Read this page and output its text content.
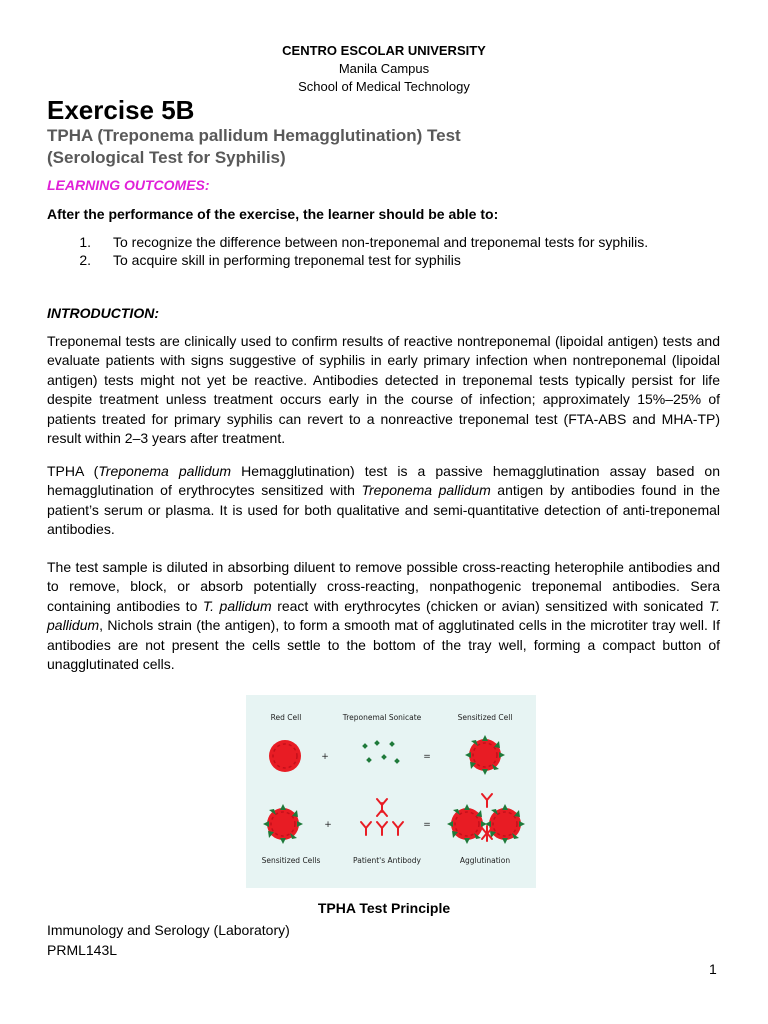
CENTRO ESCOLAR UNIVERSITY
Manila Campus
School of Medical Technology
Exercise 5B
TPHA (Treponema pallidum Hemagglutination) Test
(Serological Test for Syphilis)
LEARNING OUTCOMES:
After the performance of the exercise, the learner should be able to:
1. To recognize the difference between non-treponemal and treponemal tests for syphilis.
2. To acquire skill in performing treponemal test for syphilis
INTRODUCTION:

Treponemal tests are clinically used to confirm results of reactive nontreponemal (lipoidal antigen) tests and evaluate patients with signs suggestive of syphilis in early primary infection when nontreponemal (lipoidal antigen) tests might not yet be reactive. Antibodies detected in treponemal tests typically persist for life despite treatment unless treatment occurs early in the course of infection; approximately 15%–25% of patients treated for primary syphilis can revert to a nonreactive treponemal test (FTA-ABS and MHA-TP) result within 2–3 years after treatment.

TPHA (Treponema pallidum Hemagglutination) test is a passive hemagglutination assay based on hemagglutination of erythrocytes sensitized with Treponema pallidum antigen by antibodies found in the patient’s serum or plasma. It is used for both qualitative and semi-quantitative detection of anti-treponemal antibodies.

The test sample is diluted in absorbing diluent to remove possible cross-reacting heterophile antibodies and to remove, block, or absorb potentially cross-reacting, nonpathogenic treponemal antibodies. Sera containing antibodies to T. pallidum react with erythrocytes (chicken or avian) sensitized with sonicated T. pallidum, Nichols strain (the antigen), to form a smooth mat of agglutinated cells in the microtiter tray well. If antibodies are not present the cells settle to the bottom of the tray well, forming a compact button of unagglutinated cells.

Red Cell	Treponemal Sonicate	Sensitized Cell
+	=
+	=
Sensitized Cells	Patient's Antibody	Agglutination
TPHA Test Principle
Immunology and Serology (Laboratory)
PRML143L
1
